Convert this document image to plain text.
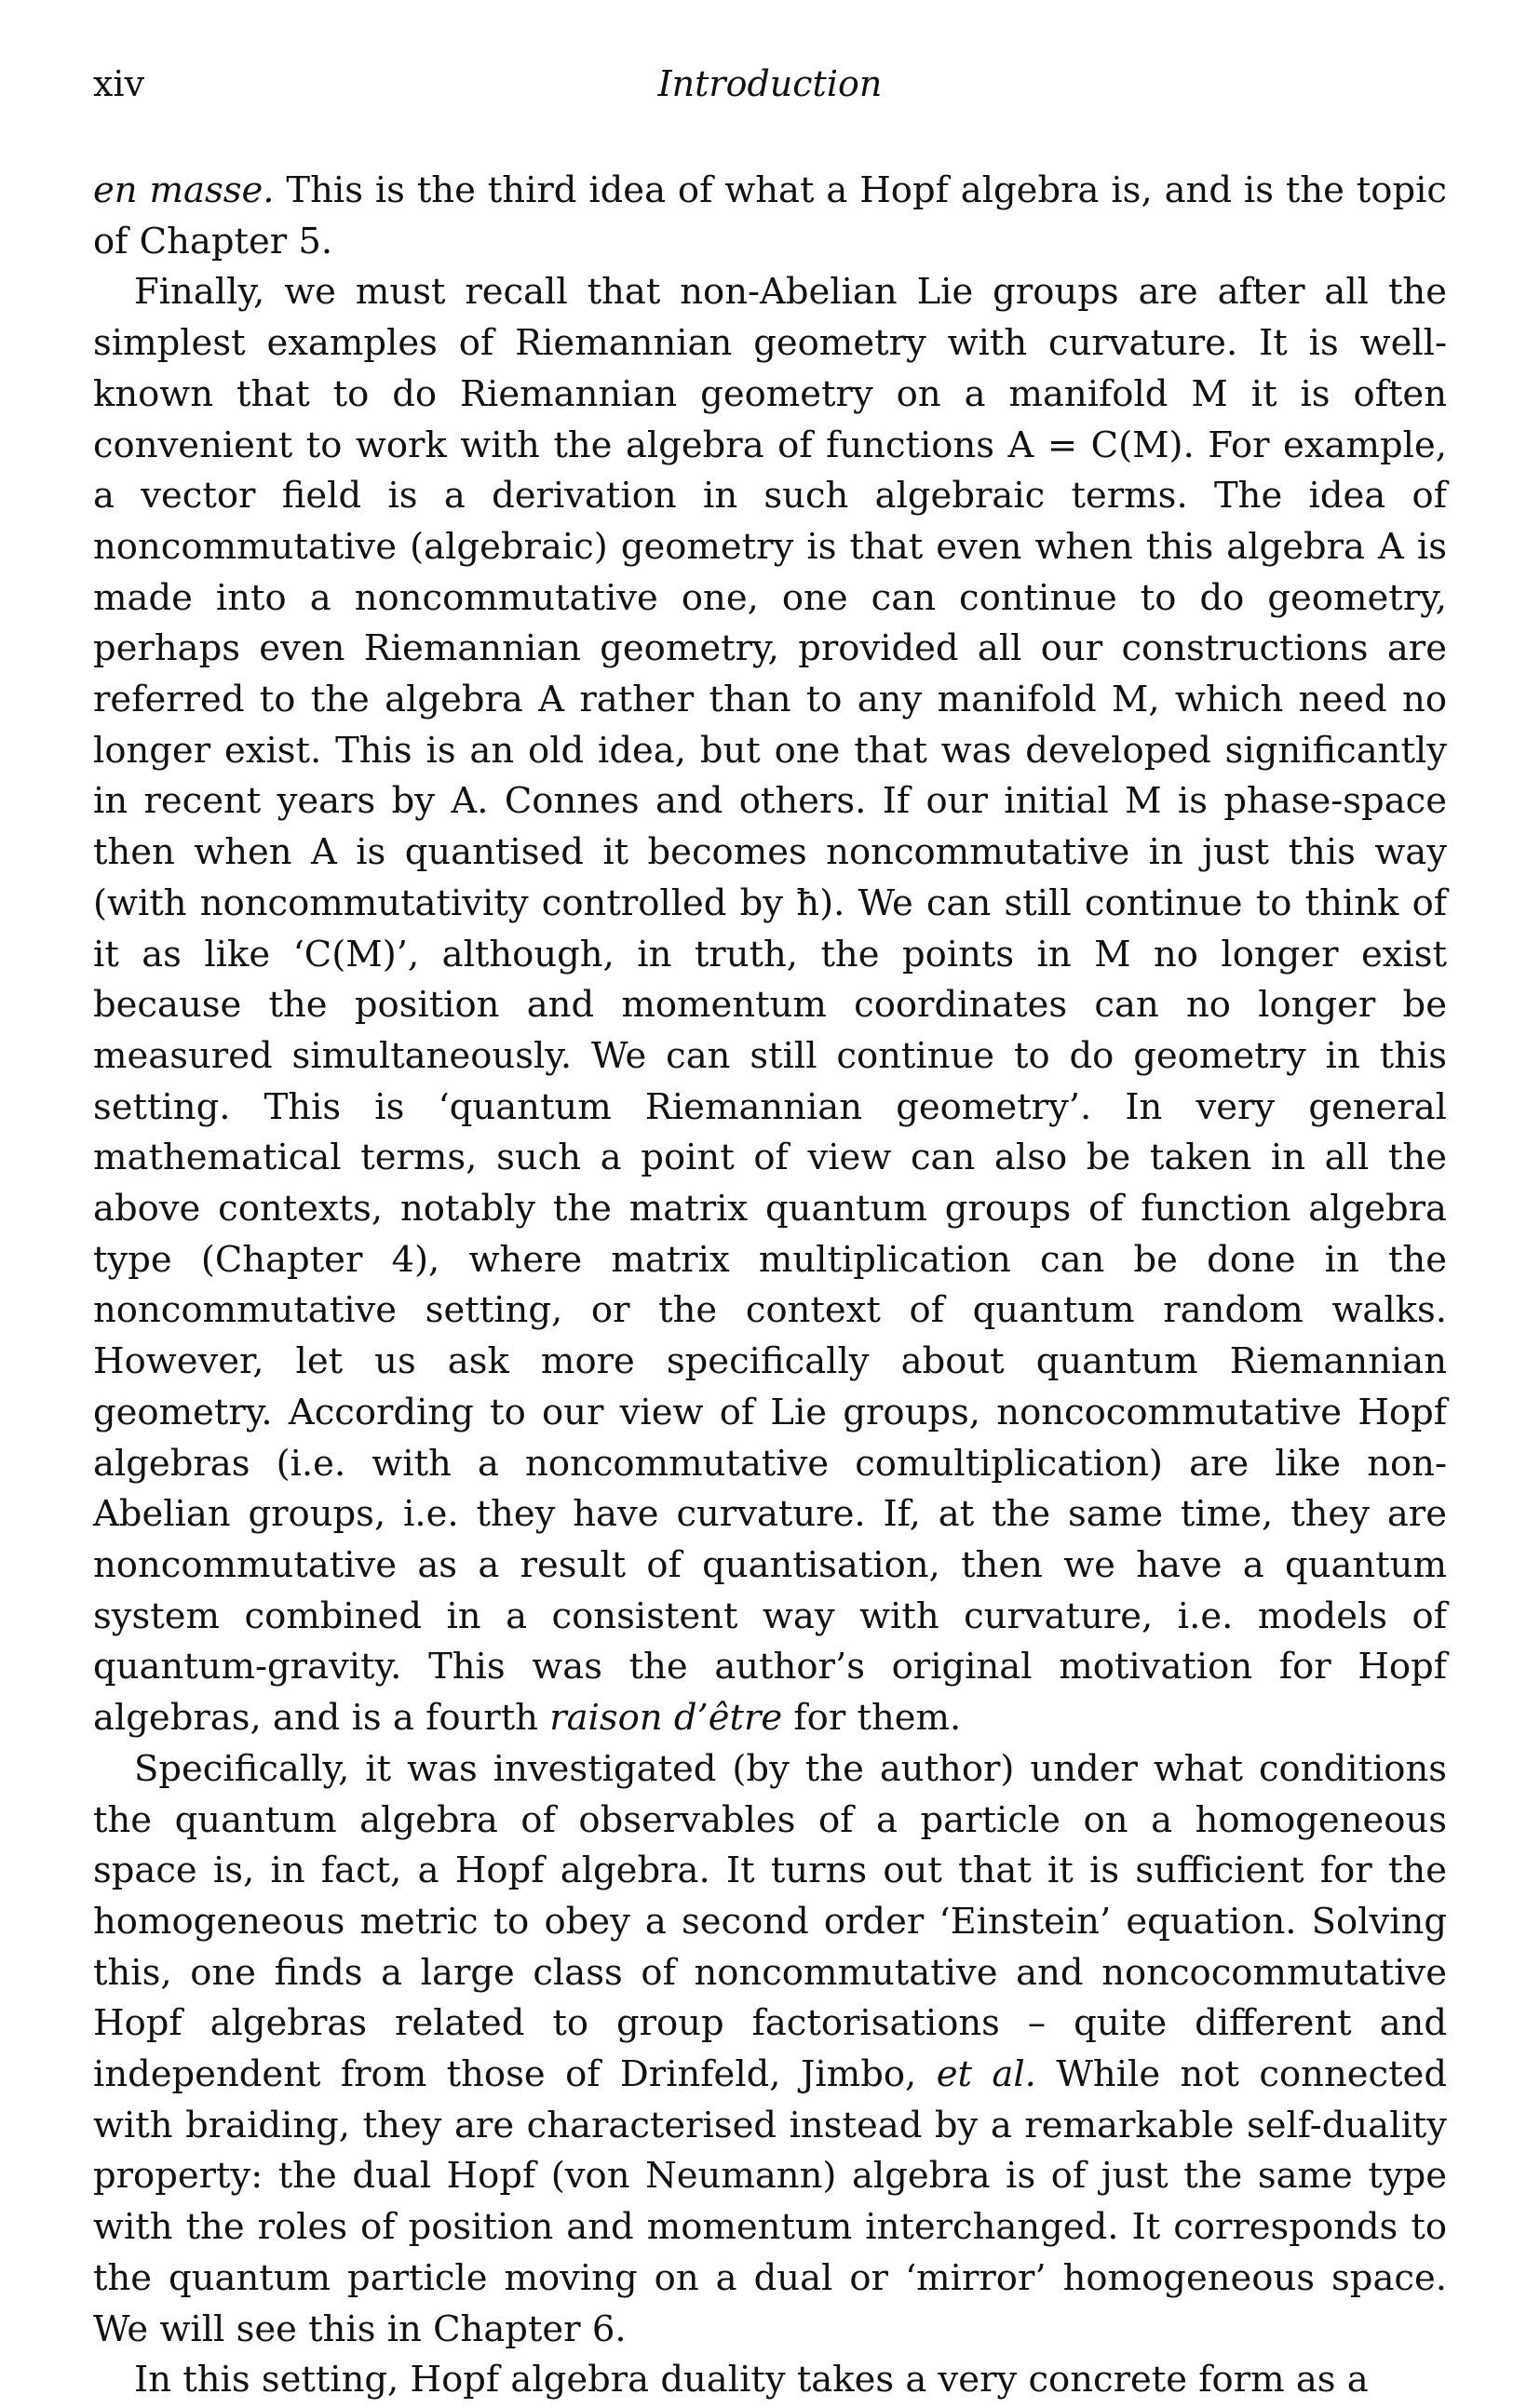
xiv	Introduction

en masse. This is the third idea of what a Hopf algebra is, and is the topic of Chapter 5.

Finally, we must recall that non-Abelian Lie groups are after all the simplest examples of Riemannian geometry with curvature. It is well-known that to do Riemannian geometry on a manifold M it is often convenient to work with the algebra of functions A = C(M). For example, a vector field is a derivation in such algebraic terms. The idea of noncommutative (algebraic) geometry is that even when this algebra A is made into a noncommutative one, one can continue to do geometry, perhaps even Riemannian geometry, provided all our constructions are referred to the algebra A rather than to any manifold M, which need no longer exist. This is an old idea, but one that was developed significantly in recent years by A. Connes and others. If our initial M is phase-space then when A is quantised it becomes noncommutative in just this way (with noncommutativity controlled by ħ). We can still continue to think of it as like ‘C(M)’, although, in truth, the points in M no longer exist because the position and momentum coordinates can no longer be measured simultaneously. We can still continue to do geometry in this setting. This is ‘quantum Riemannian geometry’. In very general mathematical terms, such a point of view can also be taken in all the above contexts, notably the matrix quantum groups of function algebra type (Chapter 4), where matrix multiplication can be done in the noncommutative setting, or the context of quantum random walks. However, let us ask more specifically about quantum Riemannian geometry. According to our view of Lie groups, noncocommutative Hopf algebras (i.e. with a noncommutative comultiplication) are like non-Abelian groups, i.e. they have curvature. If, at the same time, they are noncommutative as a result of quantisation, then we have a quantum system combined in a consistent way with curvature, i.e. models of quantum-gravity. This was the author’s original motivation for Hopf algebras, and is a fourth raison d’être for them.

Specifically, it was investigated (by the author) under what conditions the quantum algebra of observables of a particle on a homogeneous space is, in fact, a Hopf algebra. It turns out that it is sufficient for the homogeneous metric to obey a second order ‘Einstein’ equation. Solving this, one finds a large class of noncommutative and noncocommutative Hopf algebras related to group factorisations – quite different and independent from those of Drinfeld, Jimbo, et al. While not connected with braiding, they are characterised instead by a remarkable self-duality property: the dual Hopf (von Neumann) algebra is of just the same type with the roles of position and momentum interchanged. It corresponds to the quantum particle moving on a dual or ‘mirror’ homogeneous space. We will see this in Chapter 6.

In this setting, Hopf algebra duality takes a very concrete form as a
